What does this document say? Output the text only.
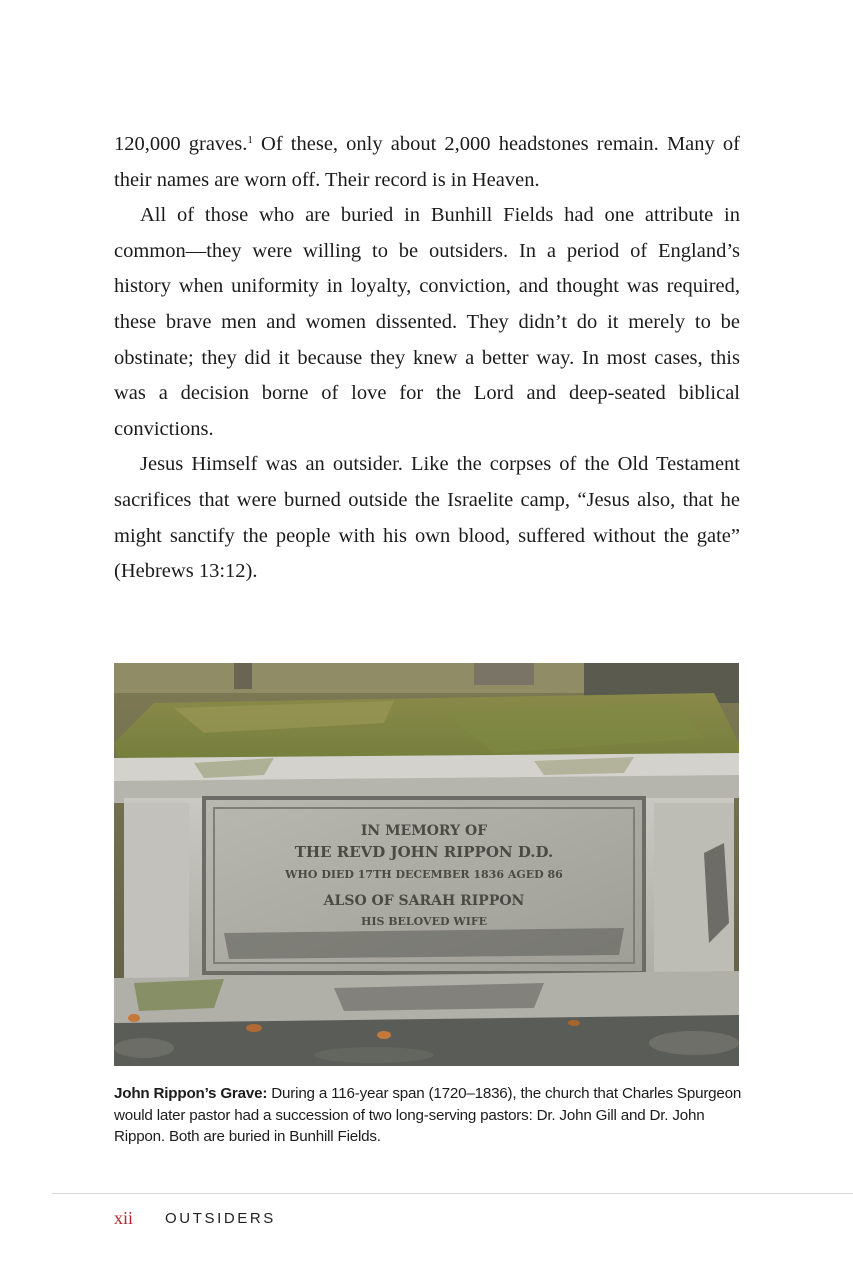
120,000 graves.$^1$ Of these, only about 2,000 headstones remain. Many of their names are worn off. Their record is in Heaven.

All of those who are buried in Bunhill Fields had one attribute in common—they were willing to be outsiders. In a period of England’s history when uniformity in loyalty, conviction, and thought was required, these brave men and women dissented. They didn’t do it merely to be obstinate; they did it because they knew a better way. In most cases, this was a decision borne of love for the Lord and deep-seated biblical convictions.

Jesus Himself was an outsider. Like the corpses of the Old Testament sacrifices that were burned outside the Israelite camp, “Jesus also, that he might sanctify the people with his own blood, suffered without the gate” (Hebrews 13:12).

IN MEMORY OF
THE REVD JOHN RIPPON D.D.
WHO DIED 17TH DECEMBER 1836 AGED 86
ALSO OF SARAH RIPPON
HIS BELOVED WIFE
John Rippon’s Grave: During a 116-year span (1720–1836), the church that Charles Spurgeon would later pastor had a succession of two long-serving pastors: Dr. John Gill and Dr. John Rippon. Both are buried in Bunhill Fields.
xii OUTSIDERS
